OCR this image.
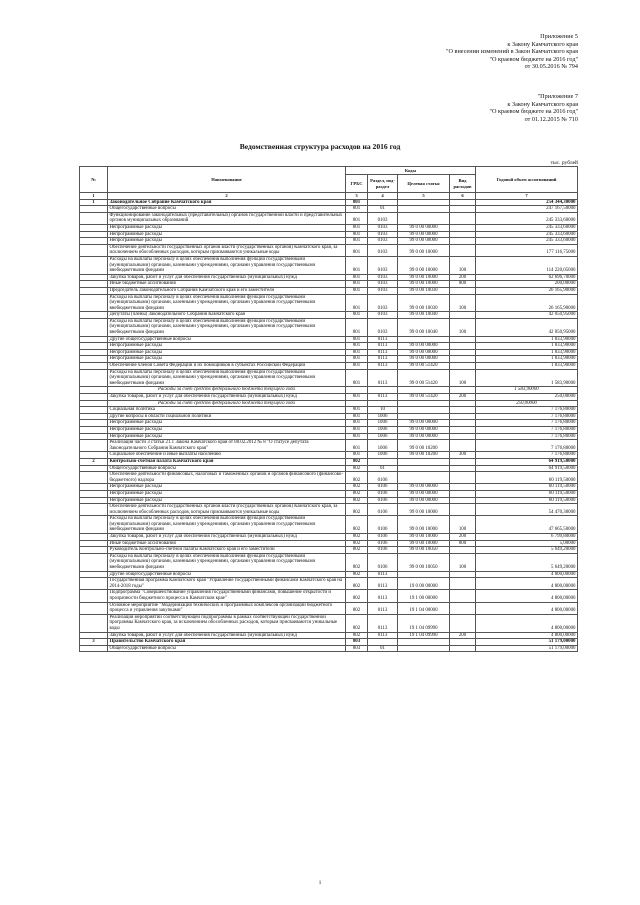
Приложение 5
к Закону Камчатского края
"О внесении изменений в Закон Камчатского края
"О краевом бюджете на 2016 год"
от 30.05.2016 № 794
"Приложение 7
к Закону Камчатского края
"О краевом бюджете на 2016 год"
от 01.12.2015 № 710
Ведомственная структура расходов на 2016 год
тыс. рублей
№	Наименование	Коды				Годовой объем ассигнований
		ГРБС	Раздел, под-раздел	Целевая статья	Вид расходов	
1	2	3	4	5	6	7
1	Законодательное Собрание Камчатского края	801				254 344,30000
	Общегосударственные вопросы	801	01			247 167,50000
	Функционирование законодательных (представительных) органов государственной власти и представительных органов муниципальных образований	801	0103			245 333,60000
	Непрограммные расходы	801	0103	99 0 00 00000		245 333,60000
	Непрограммные расходы	801	0103	99 0 00 00000		245 333,60000
	Непрограммные расходы	801	0103	99 0 00 00000		245 333,60000
	Обеспечение деятельности государственных органов власти (государственных органов) Камчатского края, за исключением обособленных расходов, которым присваиваются уникальные коды	801	0103	99 0 00 10000		177 116,75000
	Расходы на выплаты персоналу в целях обеспечения выполнения функций государственными (муниципальными) органами, казенными учреждениями, органами управления государственными внебюджетными фондами	801	0103	99 0 00 10000	100	114 220,05000
	Закупка товаров, работ и услуг для обеспечения государственных (муниципальных) нужд	801	0103	99 0 00 10000	200	62 696,70000
	Иные бюджетные ассигнования	801	0103	99 0 00 10000	800	200,00000
	Председатель Законодательного Собрания Камчатского края и его заместители	801	0103	99 0 00 10030		26 165,90000
	Расходы на выплаты персоналу в целях обеспечения выполнения функций государственными (муниципальными) органами, казенными учреждениями, органами управления государственными внебюджетными фондами	801	0103	99 0 00 10030	100	26 165,90000
	Депутаты (члены) Законодательного Собрания Камчатского края	801	0103	99 0 00 10040		42 050,95000
	Расходы на выплаты персоналу в целях обеспечения выполнения функций государственными (муниципальными) органами, казенными учреждениями, органами управления государственными внебюджетными фондами	801	0103	99 0 00 10040	100	42 050,95000
	Другие общегосударственные вопросы	801	0113			1 833,90000
	Непрограммные расходы	801	0113	99 0 00 00000		1 833,90000
	Непрограммные расходы	801	0113	99 0 00 00000		1 833,90000
	Непрограммные расходы	801	0113	99 0 00 00000		1 833,90000
	Обеспечение членов Совета Федерации и их помощников в субъектах Российской Федерации	801	0113	99 0 00 51420		1 833,90000
	Расходы на выплаты персоналу в целях обеспечения выполнения функций государственными (муниципальными) органами, казенными учреждениями, органами управления государственными внебюджетными фондами	801	0113	99 0 00 51420	100	1 583,90000
	Расходы за счет средств федерального бюджета текущего года					1 583,90000
	Закупка товаров, работ и услуг для обеспечения государственных (муниципальных) нужд	801	0113	99 0 00 51420	200	250,00000
	Расходы за счет средств федерального бюджета текущего года					250,00000
	Социальная политика	801	10			7 176,80000
	Другие вопросы в области социальной политики	801	1006			7 176,80000
	Непрограммные расходы	801	1006	99 0 00 00000		7 176,80000
	Непрограммные расходы	801	1006	99 0 00 00000		7 176,80000
	Непрограммные расходы	801	1006	99 0 00 00000		7 176,80000
	Реализация части 3 статьи 21.1 Закона Камчатского края от 08.02.2012 № 8 "О статусе депутата Законодательного Собрания Камчатского края"	801	1006	99 0 00 10200		7 176,80000
	Социальное обеспечение и иные выплаты населению	801	1006	99 0 00 10200	300	7 176,80000
2	Контрольно-счетная палата Камчатского края	802				64 919,50000
	Общегосударственные вопросы	802	01			64 919,50000
	Обеспечение деятельности финансовых, налоговых и таможенных органов и органов финансового (финансово-бюджетного) надзора	802	0106			60 119,50000
	Непрограммные расходы	802	0106	99 0 00 00000		60 119,50000
	Непрограммные расходы	802	0106	99 0 00 00000		60 119,50000
	Непрограммные расходы	802	0106	99 0 00 00000		60 119,50000
	Обеспечение деятельности государственных органов власти (государственных органов) Камчатского края, за исключением обособленных расходов, которым присваиваются уникальные коды	802	0106	99 0 00 10000		54 470,30000
	Расходы на выплаты персоналу в целях обеспечения выполнения функций государственными (муниципальными) органами, казенными учреждениями, органами управления государственными внебюджетными фондами	802	0106	99 0 00 10000	100	47 665,50000
	Закупка товаров, работ и услуг для обеспечения государственных (муниципальных) нужд	802	0106	99 0 00 10000	200	6 799,80000
	Иные бюджетные ассигнования	802	0106	99 0 00 10000	800	5,00000
	Руководитель Контрольно-счетной палаты Камчатского края и его заместители	802	0106	99 0 00 10050		5 649,20000
	Расходы на выплаты персоналу в целях обеспечения выполнения функций государственными (муниципальными) органами, казенными учреждениями, органами управления государственными внебюджетными фондами	802	0106	99 0 00 10050	100	5 649,20000
	Другие общегосударственные вопросы	802	0113			4 800,00000
	Государственная программа Камчатского края "Управление государственными финансами Камчатского края на 2014-2018 годы"	802	0113	19 0 00 00000		4 800,00000
	Подпрограмма "Совершенствование управления государственными финансами, повышение открытости и прозрачности бюджетного процесса в Камчатском крае"	802	0113	19 1 00 00000		4 800,00000
	Основное мероприятие "Модернизация технических и программных комплексов организации бюджетного процесса и управления закупками"	802	0113	19 1 04 00000		4 800,00000
	Реализация мероприятий соответствующей подпрограммы в рамках соответствующей государственной программы Камчатского края, за исключением обособленных расходов, которым присваиваются уникальные коды	802	0113	19 1 04 09990		4 800,00000
	Закупка товаров, работ и услуг для обеспечения государственных (муниципальных) нужд	802	0113	19 1 04 09990	200	4 800,00000
3	Правительство Камчатского края	803				51 179,00000
	Общегосударственные вопросы	803	01			51 179,00000
1
